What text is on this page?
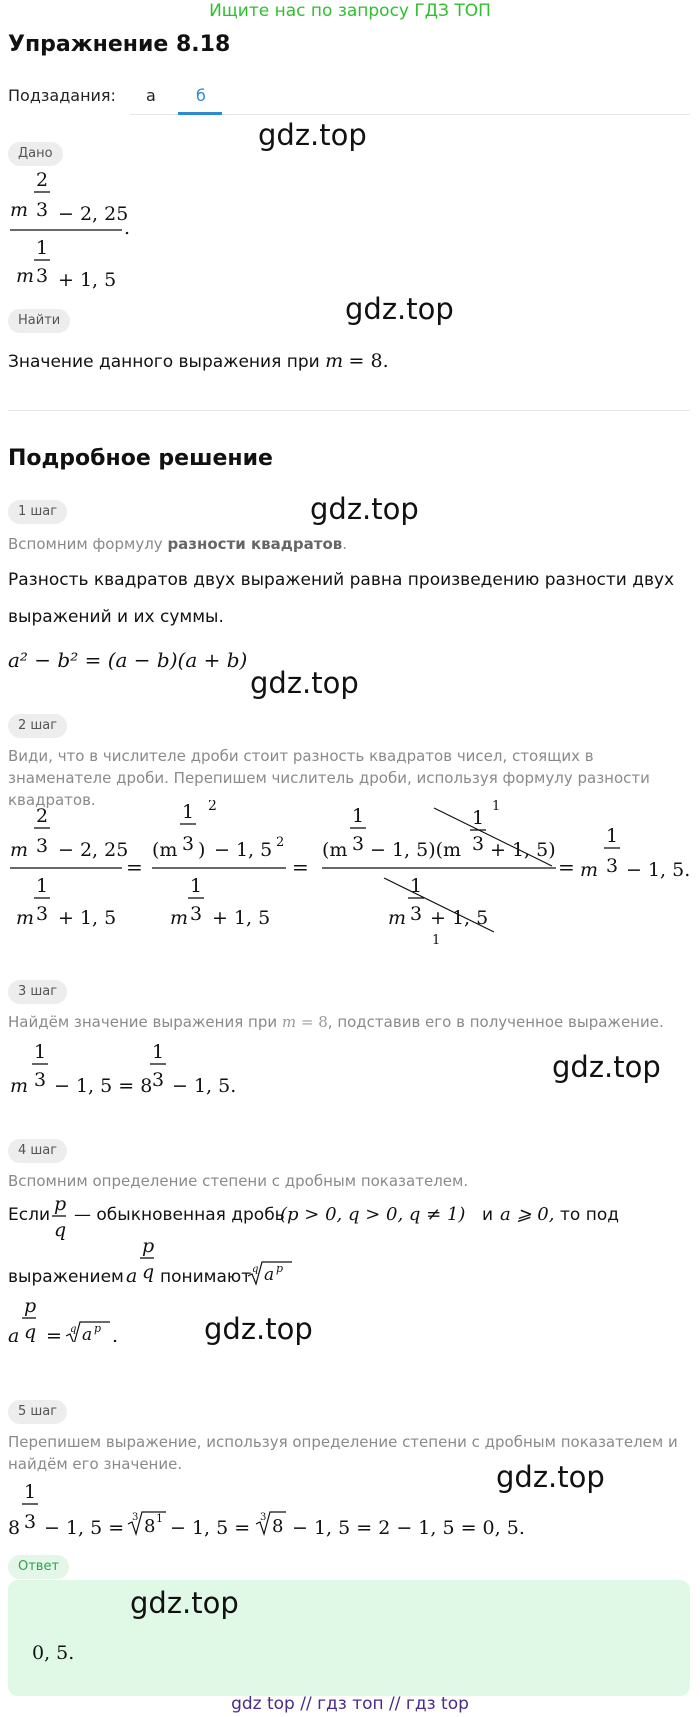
Ищите нас по запросу ГДЗ ТОП
Упражнение 8.18
Подзадания: а	б
Дано
gdz.top
2
m 3 − 2, 25
.
1
m 3 + 1, 5
Найти	gdz.top
Значение данного выражения при m = 8.
Подробное решение
1 шаг	gdz.top
Вспомним формулу разности квадратов.
Разность квадратов двух выражений равна произведению разности двух
выражений и их суммы.
a² − b² = (a − b)(a + b)
gdz.top
2 шаг
Види, что в числителе дроби стоит разность квадратов чисел, стоящих в знаменателе дроби. Перепишем числитель дроби, используя формулу разности квадратов.
2
m 3 − 2, 25
1
m 3 + 1, 5
=
1 2
(m 3 ) − 1, 5 2
1
m 3 + 1, 5
=
1
(m 3 − 1, 5)(m
1
3 + 1, 5)
1
1
m 3 + 1, 5
1
=
1
m 3 − 1, 5.
3 шаг
Найдём значение выражения при m = 8, подставив его в полученное выражение.
gdz.top
1
m 3 − 1, 5 = 8
1
3 − 1, 5.
4 шаг
Вспомним определение степени с дробным показателем.
Если p
q
— обыкновенная дробь
(p > 0, q > 0, q ≠ 1) и a ⩾ 0, то под
выражением a
p
q понимают q a p
a
p
q = q a p .	gdz.top
5 шаг
Перепишем выражение, используя определение степени с дробным показателем и найдём его значение.	gdz.top
8
1
3 − 1, 5 = 3 8 1 − 1, 5 = 3 8 − 1, 5 = 2 − 1, 5 = 0, 5.
Ответ
gdz.top
0, 5.
gdz top // гдз топ // гдз top
